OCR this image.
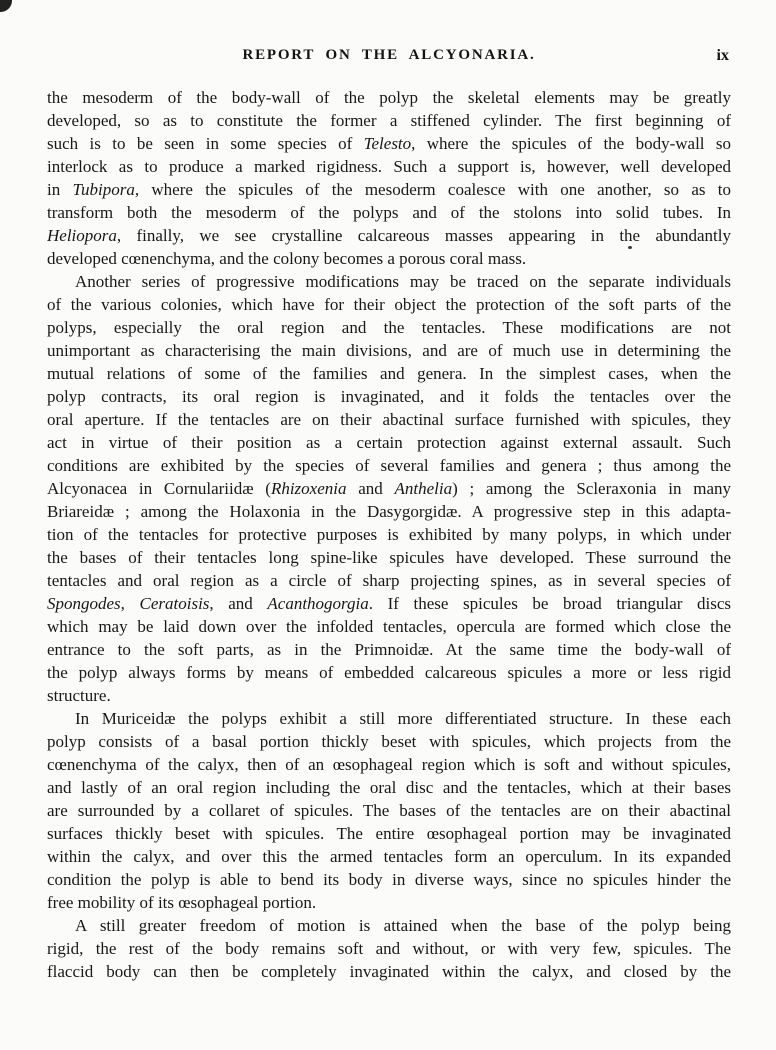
REPORT ON THE ALCYONARIA.	ix
the mesoderm of the body-wall of the polyp the skeletal elements may be greatly
developed, so as to constitute the former a stiffened cylinder. The first beginning of
such is to be seen in some species of Telesto, where the spicules of the body-wall so
interlock as to produce a marked rigidness. Such a support is, however, well developed
in Tubipora, where the spicules of the mesoderm coalesce with one another, so as to
transform both the mesoderm of the polyps and of the stolons into solid tubes. In
Heliopora, finally, we see crystalline calcareous masses appearing in the abundantly
developed cœnenchyma, and the colony becomes a porous coral mass.
Another series of progressive modifications may be traced on the separate individuals
of the various colonies, which have for their object the protection of the soft parts of the
polyps, especially the oral region and the tentacles. These modifications are not
unimportant as characterising the main divisions, and are of much use in determining the
mutual relations of some of the families and genera. In the simplest cases, when the
polyp contracts, its oral region is invaginated, and it folds the tentacles over the
oral aperture. If the tentacles are on their abactinal surface furnished with spicules, they
act in virtue of their position as a certain protection against external assault. Such
conditions are exhibited by the species of several families and genera ; thus among the
Alcyonacea in Cornulariidæ (Rhizoxenia and Anthelia) ; among the Scleraxonia in many
Briareidæ ; among the Holaxonia in the Dasygorgidæ. A progressive step in this adapta-
tion of the tentacles for protective purposes is exhibited by many polyps, in which under
the bases of their tentacles long spine-like spicules have developed. These surround the
tentacles and oral region as a circle of sharp projecting spines, as in several species of
Spongodes, Ceratoisis, and Acanthogorgia. If these spicules be broad triangular discs
which may be laid down over the infolded tentacles, opercula are formed which close the
entrance to the soft parts, as in the Primnoidæ. At the same time the body-wall of
the polyp always forms by means of embedded calcareous spicules a more or less rigid
structure.
In Muriceidæ the polyps exhibit a still more differentiated structure. In these each
polyp consists of a basal portion thickly beset with spicules, which projects from the
cœnenchyma of the calyx, then of an œsophageal region which is soft and without spicules,
and lastly of an oral region including the oral disc and the tentacles, which at their bases
are surrounded by a collaret of spicules. The bases of the tentacles are on their abactinal
surfaces thickly beset with spicules. The entire œsophageal portion may be invaginated
within the calyx, and over this the armed tentacles form an operculum. In its expanded
condition the polyp is able to bend its body in diverse ways, since no spicules hinder the
free mobility of its œsophageal portion.
A still greater freedom of motion is attained when the base of the polyp being
rigid, the rest of the body remains soft and without, or with very few, spicules. The
flaccid body can then be completely invaginated within the calyx, and closed by the
